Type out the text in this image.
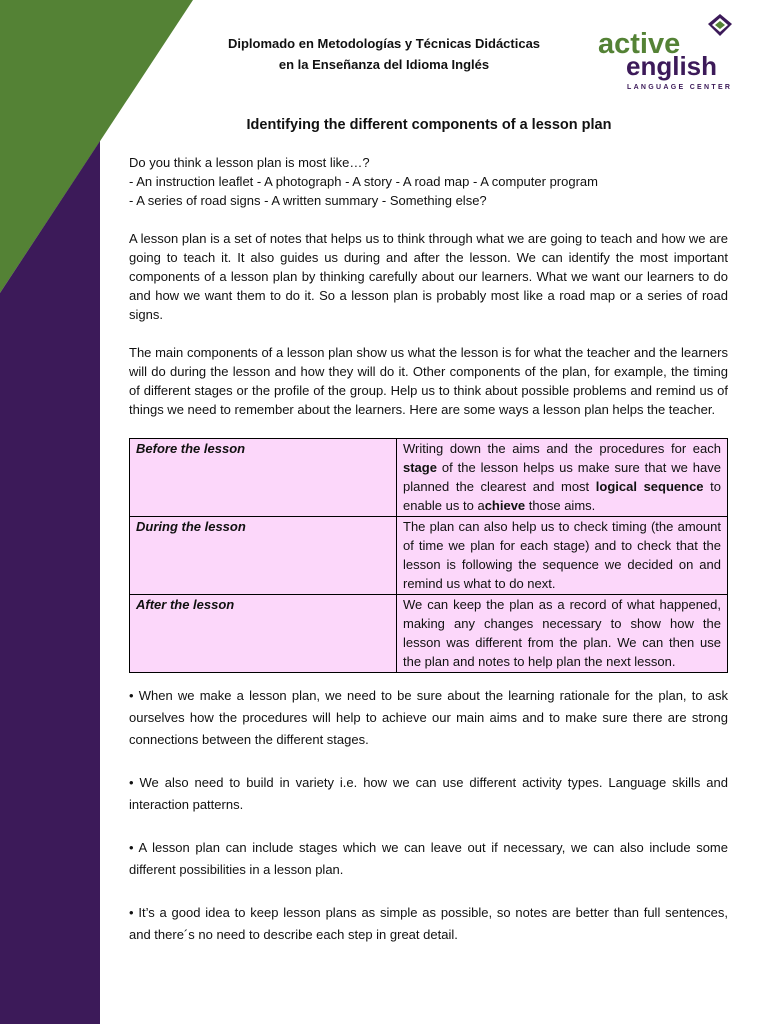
Diplomado en Metodologías y Técnicas Didácticas
en la Enseñanza del Idioma Inglés
active
english
LANGUAGE CENTER
Identifying the different components of a lesson plan

Do you think a lesson plan is most like…?

- An instruction leaflet - A photograph - A story - A road map - A computer program

- A series of road signs - A written summary - Something else?

A lesson plan is a set of notes that helps us to think through what we are going to teach and how we are going to teach it. It also guides us during and after the lesson. We can identify the most important components of a lesson plan by thinking carefully about our learners. What we want our learners to do and how we want them to do it. So a lesson plan is probably most like a road map or a series of road signs.

The main components of a lesson plan show us what the lesson is for what the teacher and the learners will do during the lesson and how they will do it. Other components of the plan, for example, the timing of different stages or the profile of the group. Help us to think about possible problems and remind us of things we need to remember about the learners. Here are some ways a lesson plan helps the teacher.

Before the lesson	Writing down the aims and the procedures for each stage of the lesson helps us make sure that we have planned the clearest and most logical sequence to enable us to achieve those aims.
During the lesson	The plan can also help us to check timing (the amount of time we plan for each stage) and to check that the lesson is following the sequence we decided on and remind us what to do next.
After the lesson	We can keep the plan as a record of what happened, making any changes necessary to show how the lesson was different from the plan. We can then use the plan and notes to help plan the next lesson.

• When we make a lesson plan, we need to be sure about the learning rationale for the plan, to ask ourselves how the procedures will help to achieve our main aims and to make sure there are strong connections between the different stages.

• We also need to build in variety i.e. how we can use different activity types. Language skills and interaction patterns.

• A lesson plan can include stages which we can leave out if necessary, we can also include some different possibilities in a lesson plan.

• It’s a good idea to keep lesson plans as simple as possible, so notes are better than full sentences, and there´s no need to describe each step in great detail.
